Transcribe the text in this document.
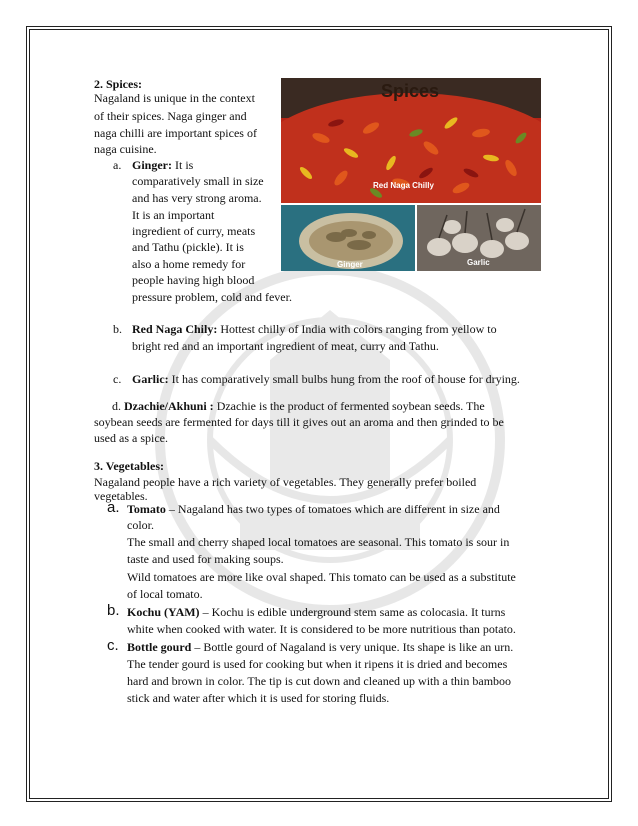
2. Spices:
Nagaland is unique in the context
of their spices. Naga ginger and
naga chilli are important spices of
naga cuisine.
a. Ginger: It is
comparatively small in size
and has very strong aroma.
It is an important
ingredient of curry, meats
and Tathu (pickle). It is
also a home remedy for
people having high blood
pressure problem, cold and fever.
Spices
Red Naga Chilly
Ginger	Garlic
b. Red Naga Chily: Hottest chilly of India with colors ranging from yellow to
bright red and an important ingredient of meat, curry and Tathu.
c. Garlic: It has comparatively small bulbs hung from the roof of house for drying.
d. Dzachie/Akhuni : Dzachie is the product of fermented soybean seeds. The
soybean seeds are fermented for days till it gives out an aroma and then grinded to be
used as a spice.
3. Vegetables:
Nagaland people have a rich variety of vegetables. They generally prefer boiled
vegetables.
a. Tomato – Nagaland has two types of tomatoes which are different in size and
color.
The small and cherry shaped local tomatoes are seasonal. This tomato is sour in
taste and used for making soups.
Wild tomatoes are more like oval shaped. This tomato can be used as a substitute
of local tomato.
b. Kochu (YAM) – Kochu is edible underground stem same as colocasia. It turns
white when cooked with water. It is considered to be more nutritious than potato.
c. Bottle gourd – Bottle gourd of Nagaland is very unique. Its shape is like an urn.
The tender gourd is used for cooking but when it ripens it is dried and becomes
hard and brown in color. The tip is cut down and cleaned up with a thin bamboo
stick and water after which it is used for storing fluids.
